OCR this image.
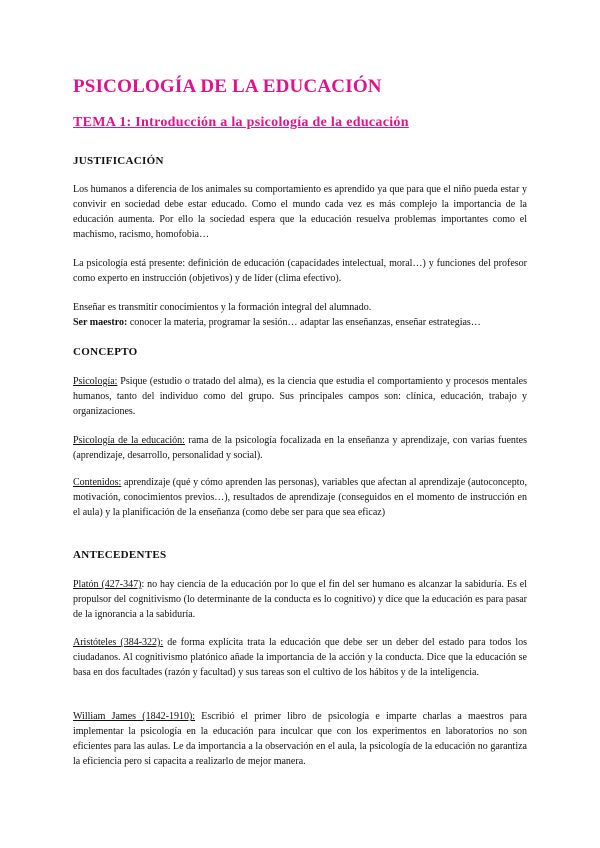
PSICOLOGÍA DE LA EDUCACIÓN
TEMA 1: Introducción a la psicología de la educación
JUSTIFICACIÓN

Los humanos a diferencia de los animales su comportamiento es aprendido ya que para que el niño pueda estar y convivir en sociedad debe estar educado. Como el mundo cada vez es más complejo la importancia de la educación aumenta. Por ello la sociedad espera que la educación resuelva problemas importantes como el machismo, racismo, homofobia…

La psicología está presente: definición de educación (capacidades intelectual, moral…) y funciones del profesor como experto en instrucción (objetivos) y de líder (clima efectivo).

Enseñar es transmitir conocimientos y la formación integral del alumnado.
Ser maestro: conocer la materia, programar la sesión… adaptar las enseñanzas, enseñar estrategias…

CONCEPTO

Psicología: Psique (estudio o tratado del alma), es la ciencia que estudia el comportamiento y procesos mentales humanos, tanto del individuo como del grupo. Sus principales campos son: clínica, educación, trabajo y organizaciones.

Psicología de la educación: rama de la psicología focalizada en la enseñanza y aprendizaje, con varias fuentes (aprendizaje, desarrollo, personalidad y social).

Contenidos: aprendizaje (qué y cómo aprenden las personas), variables que afectan al aprendizaje (autoconcepto, motivación, conocimientos previos…), resultados de aprendizaje (conseguidos en el momento de instrucción en el aula) y la planificación de la enseñanza (como debe ser para que sea eficaz)

ANTECEDENTES

Platón (427-347): no hay ciencia de la educación por lo que el fin del ser humano es alcanzar la sabiduría. Es el propulsor del cognitivismo (lo determinante de la conducta es lo cognitivo) y dice que la educación es para pasar de la ignorancia a la sabiduría.

Aristóteles (384-322): de forma explícita trata la educación que debe ser un deber del estado para todos los ciudadanos. Al cognitivismo platónico añade la importancia de la acción y la conducta. Dice que la educación se basa en dos facultades (razón y facultad) y sus tareas son el cultivo de los hábitos y de la inteligencia.

William James (1842-1910): Escribió el primer libro de psicología e imparte charlas a maestros para implementar la psicología en la educación para inculcar que con los experimentos en laboratorios no son eficientes para las aulas. Le da importancia a la observación en el aula, la psicología de la educación no garantiza la eficiencia pero si capacita a realizarlo de mejor manera.
